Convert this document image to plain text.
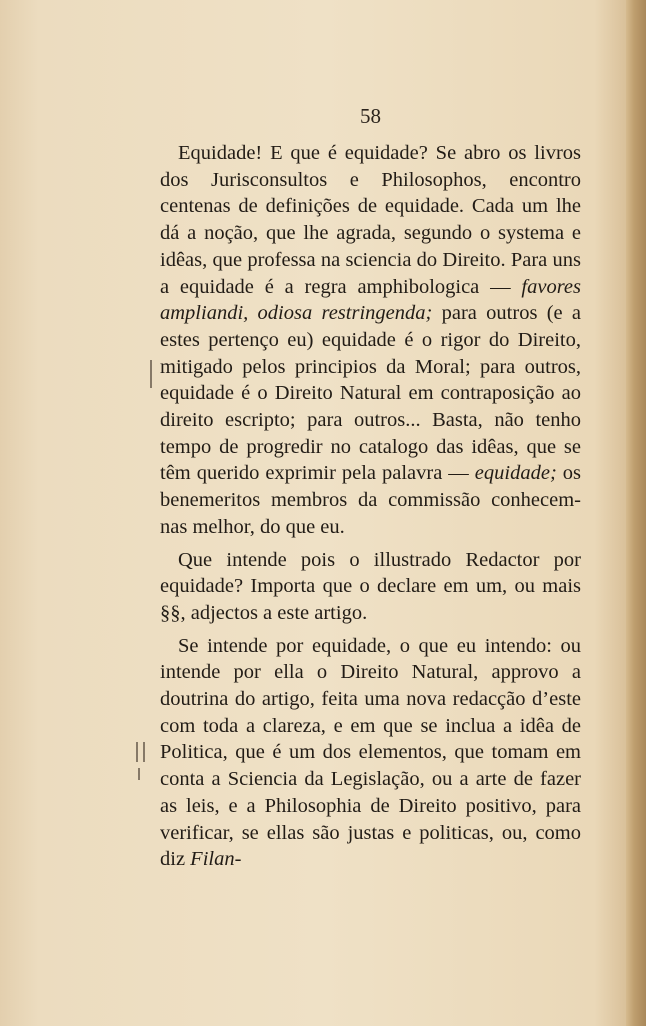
58

Equidade! E que é equidade? Se abro os livros dos Jurisconsultos e Philosophos, encontro centenas de definições de equidade. Cada um lhe dá a noção, que lhe agrada, segundo o systema e idêas, que professa na sciencia do Direito. Para uns a equidade é a regra amphibologica — favores ampliandi, odiosa restringenda; para outros (e a estes pertenço eu) equidade é o rigor do Direito, mitigado pelos principios da Moral; para outros, equidade é o Direito Natural em contraposição ao direito escripto; para outros... Basta, não tenho tempo de progredir no catalogo das idêas, que se têm querido exprimir pela palavra — equidade; os benemeritos membros da commissão conhecem-nas melhor, do que eu.

Que intende pois o illustrado Redactor por equidade? Importa que o declare em um, ou mais §§, adjectos a este artigo.

Se intende por equidade, o que eu intendo: ou intende por ella o Direito Natural, approvo a doutrina do artigo, feita uma nova redacção d’este com toda a clareza, e em que se inclua a idêa de Politica, que é um dos elementos, que tomam em conta a Sciencia da Legislação, ou a arte de fazer as leis, e a Philosophia de Direito positivo, para verificar, se ellas são justas e politicas, ou, como diz Filan-
